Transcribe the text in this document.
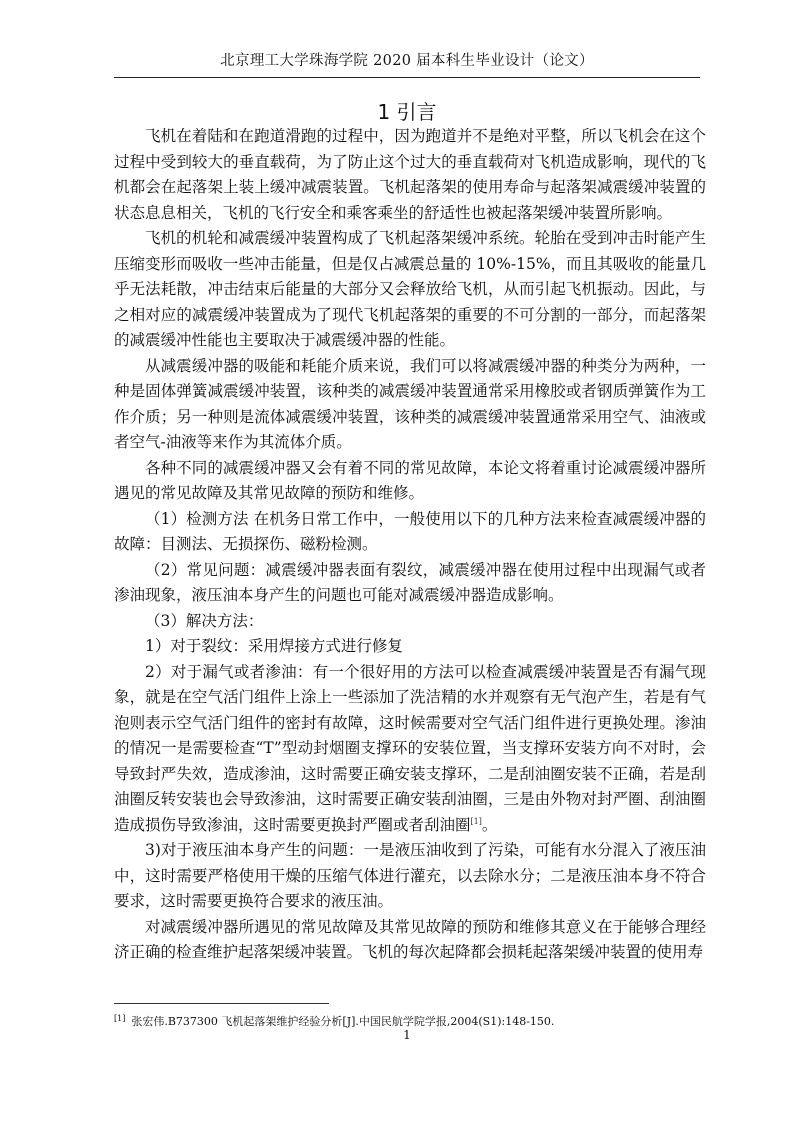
北京理工大学珠海学院 2020 届本科生毕业设计（论文）
1 引言

飞机在着陆和在跑道滑跑的过程中，因为跑道并不是绝对平整，所以飞机会在这个过程中受到较大的垂直载荷，为了防止这个过大的垂直载荷对飞机造成影响，现代的飞机都会在起落架上装上缓冲减震装置。飞机起落架的使用寿命与起落架减震缓冲装置的状态息息相关，飞机的飞行安全和乘客乘坐的舒适性也被起落架缓冲装置所影响。

飞机的机轮和减震缓冲装置构成了飞机起落架缓冲系统。轮胎在受到冲击时能产生压缩变形而吸收一些冲击能量，但是仅占减震总量的 10%-15%，而且其吸收的能量几乎无法耗散，冲击结束后能量的大部分又会释放给飞机，从而引起飞机振动。因此，与之相对应的减震缓冲装置成为了现代飞机起落架的重要的不可分割的一部分，而起落架的减震缓冲性能也主要取决于减震缓冲器的性能。

从减震缓冲器的吸能和耗能介质来说，我们可以将减震缓冲器的种类分为两种，一种是固体弹簧减震缓冲装置，该种类的减震缓冲装置通常采用橡胶或者钢质弹簧作为工作介质；另一种则是流体减震缓冲装置，该种类的减震缓冲装置通常采用空气、油液或者空气-油液等来作为其流体介质。

各种不同的减震缓冲器又会有着不同的常见故障，本论文将着重讨论减震缓冲器所遇见的常见故障及其常见故障的预防和维修。

（1）检测方法 在机务日常工作中，一般使用以下的几种方法来检查减震缓冲器的故障：目测法、无损探伤、磁粉检测。

（2）常见问题：减震缓冲器表面有裂纹，减震缓冲器在使用过程中出现漏气或者渗油现象，液压油本身产生的问题也可能对减震缓冲器造成影响。

（3）解决方法：

1）对于裂纹：采用焊接方式进行修复

2）对于漏气或者渗油：有一个很好用的方法可以检查减震缓冲装置是否有漏气现象，就是在空气活门组件上涂上一些添加了洗洁精的水并观察有无气泡产生，若是有气泡则表示空气活门组件的密封有故障，这时候需要对空气活门组件进行更换处理。渗油的情况一是需要检查“T”型动封烟圈支撑环的安装位置，当支撑环安装方向不对时，会导致封严失效，造成渗油，这时需要正确安装支撑环，二是刮油圈安装不正确，若是刮油圈反转安装也会导致渗油，这时需要正确安装刮油圈，三是由外物对封严圈、刮油圈造成损伤导致渗油，这时需要更换封严圈或者刮油圈[1]。

3)对于液压油本身产生的问题：一是液压油收到了污染，可能有水分混入了液压油中，这时需要严格使用干燥的压缩气体进行灌充，以去除水分；二是液压油本身不符合要求，这时需要更换符合要求的液压油。

对减震缓冲器所遇见的常见故障及其常见故障的预防和维修其意义在于能够合理经济正确的检查维护起落架缓冲装置。飞机的每次起降都会损耗起落架缓冲装置的使用寿

[1] 张宏伟.B737300 飞机起落架维护经验分析[J].中国民航学院学报,2004(S1):148-150.
1
